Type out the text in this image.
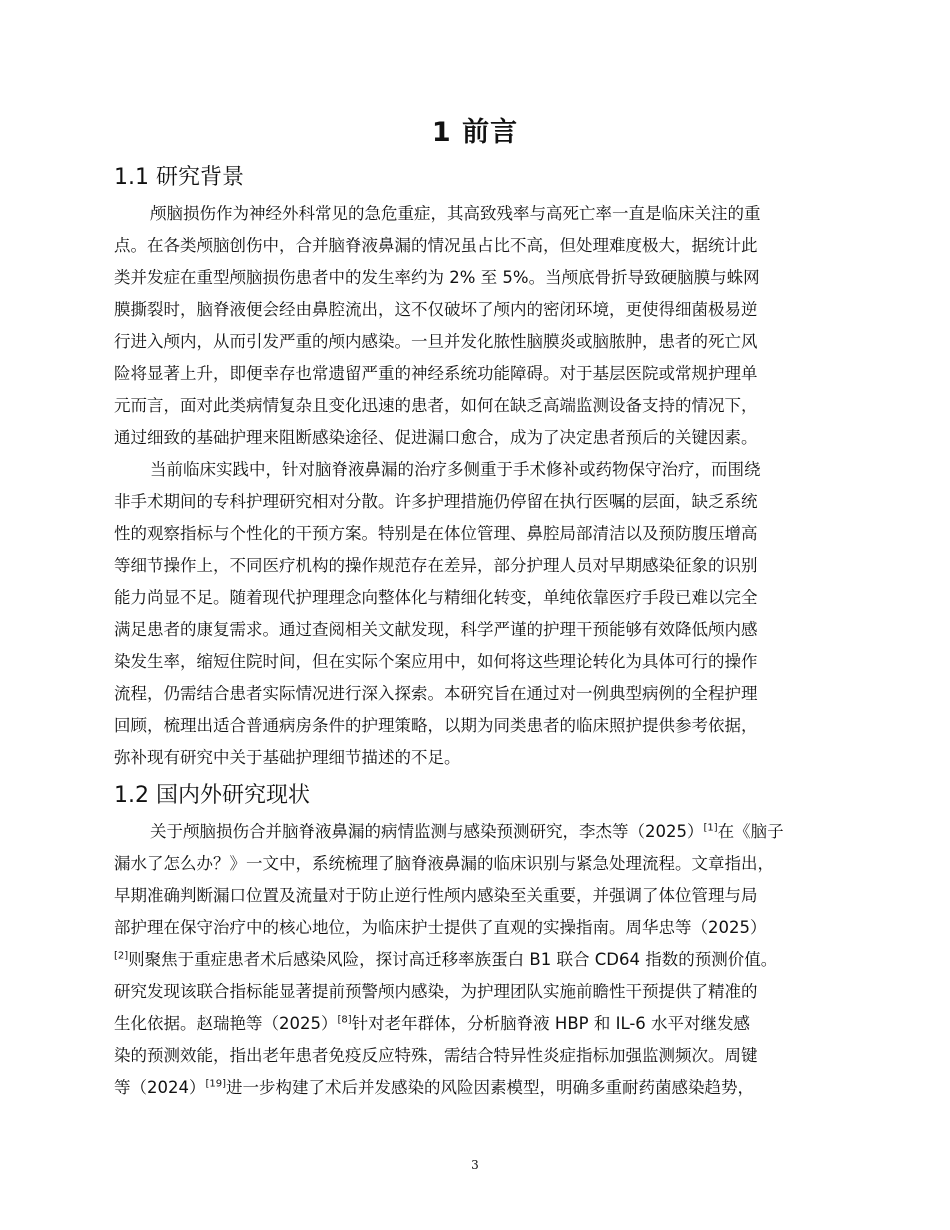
1 前言
1.1 研究背景
颅脑损伤作为神经外科常见的急危重症，其高致残率与高死亡率一直是临床关注的重
点。在各类颅脑创伤中，合并脑脊液鼻漏的情况虽占比不高，但处理难度极大，据统计此
类并发症在重型颅脑损伤患者中的发生率约为 2% 至 5%。当颅底骨折导致硬脑膜与蛛网
膜撕裂时，脑脊液便会经由鼻腔流出，这不仅破坏了颅内的密闭环境，更使得细菌极易逆
行进入颅内，从而引发严重的颅内感染。一旦并发化脓性脑膜炎或脑脓肿，患者的死亡风
险将显著上升，即便幸存也常遗留严重的神经系统功能障碍。对于基层医院或常规护理单
元而言，面对此类病情复杂且变化迅速的患者，如何在缺乏高端监测设备支持的情况下，
通过细致的基础护理来阻断感染途径、促进漏口愈合，成为了决定患者预后的关键因素。
当前临床实践中，针对脑脊液鼻漏的治疗多侧重于手术修补或药物保守治疗，而围绕
非手术期间的专科护理研究相对分散。许多护理措施仍停留在执行医嘱的层面，缺乏系统
性的观察指标与个性化的干预方案。特别是在体位管理、鼻腔局部清洁以及预防腹压增高
等细节操作上，不同医疗机构的操作规范存在差异，部分护理人员对早期感染征象的识别
能力尚显不足。随着现代护理理念向整体化与精细化转变，单纯依靠医疗手段已难以完全
满足患者的康复需求。通过查阅相关文献发现，科学严谨的护理干预能够有效降低颅内感
染发生率，缩短住院时间，但在实际个案应用中，如何将这些理论转化为具体可行的操作
流程，仍需结合患者实际情况进行深入探索。本研究旨在通过对一例典型病例的全程护理
回顾，梳理出适合普通病房条件的护理策略，以期为同类患者的临床照护提供参考依据，
弥补现有研究中关于基础护理细节描述的不足。
1.2 国内外研究现状
关于颅脑损伤合并脑脊液鼻漏的病情监测与感染预测研究，李杰等（2025）[1]在《脑子
漏水了怎么办？》一文中，系统梳理了脑脊液鼻漏的临床识别与紧急处理流程。文章指出，
早期准确判断漏口位置及流量对于防止逆行性颅内感染至关重要，并强调了体位管理与局
部护理在保守治疗中的核心地位，为临床护士提供了直观的实操指南。周华忠等（2025）
[2]则聚焦于重症患者术后感染风险，探讨高迁移率族蛋白 B1 联合 CD64 指数的预测价值。
研究发现该联合指标能显著提前预警颅内感染，为护理团队实施前瞻性干预提供了精准的
生化依据。赵瑞艳等（2025）[8]针对老年群体，分析脑脊液 HBP 和 IL-6 水平对继发感
染的预测效能，指出老年患者免疫反应特殊，需结合特异性炎症指标加强监测频次。周键
等（2024）[19]进一步构建了术后并发感染的风险因素模型，明确多重耐药菌感染趋势，
3
